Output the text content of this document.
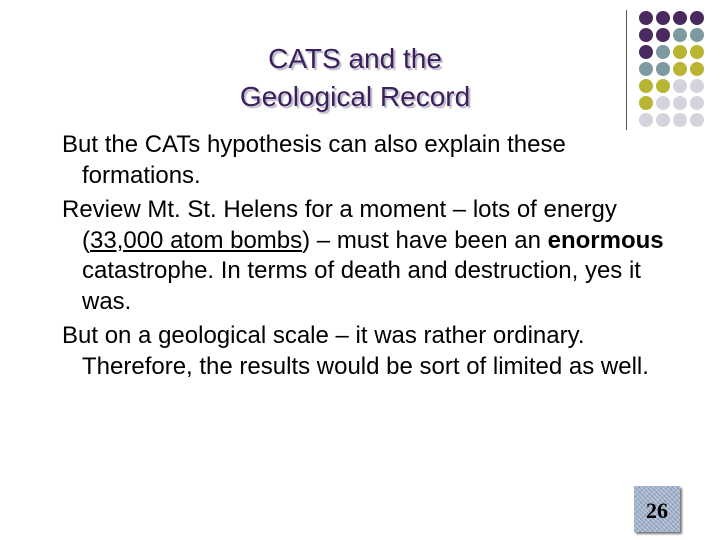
CATS and the
Geological Record

But the CATs hypothesis can also explain these formations.

Review Mt. St. Helens for a moment – lots of energy (33,000 atom bombs) – must have been an enormous catastrophe. In terms of death and destruction, yes it was.

But on a geological scale – it was rather ordinary. Therefore, the results would be sort of limited as well.

26
